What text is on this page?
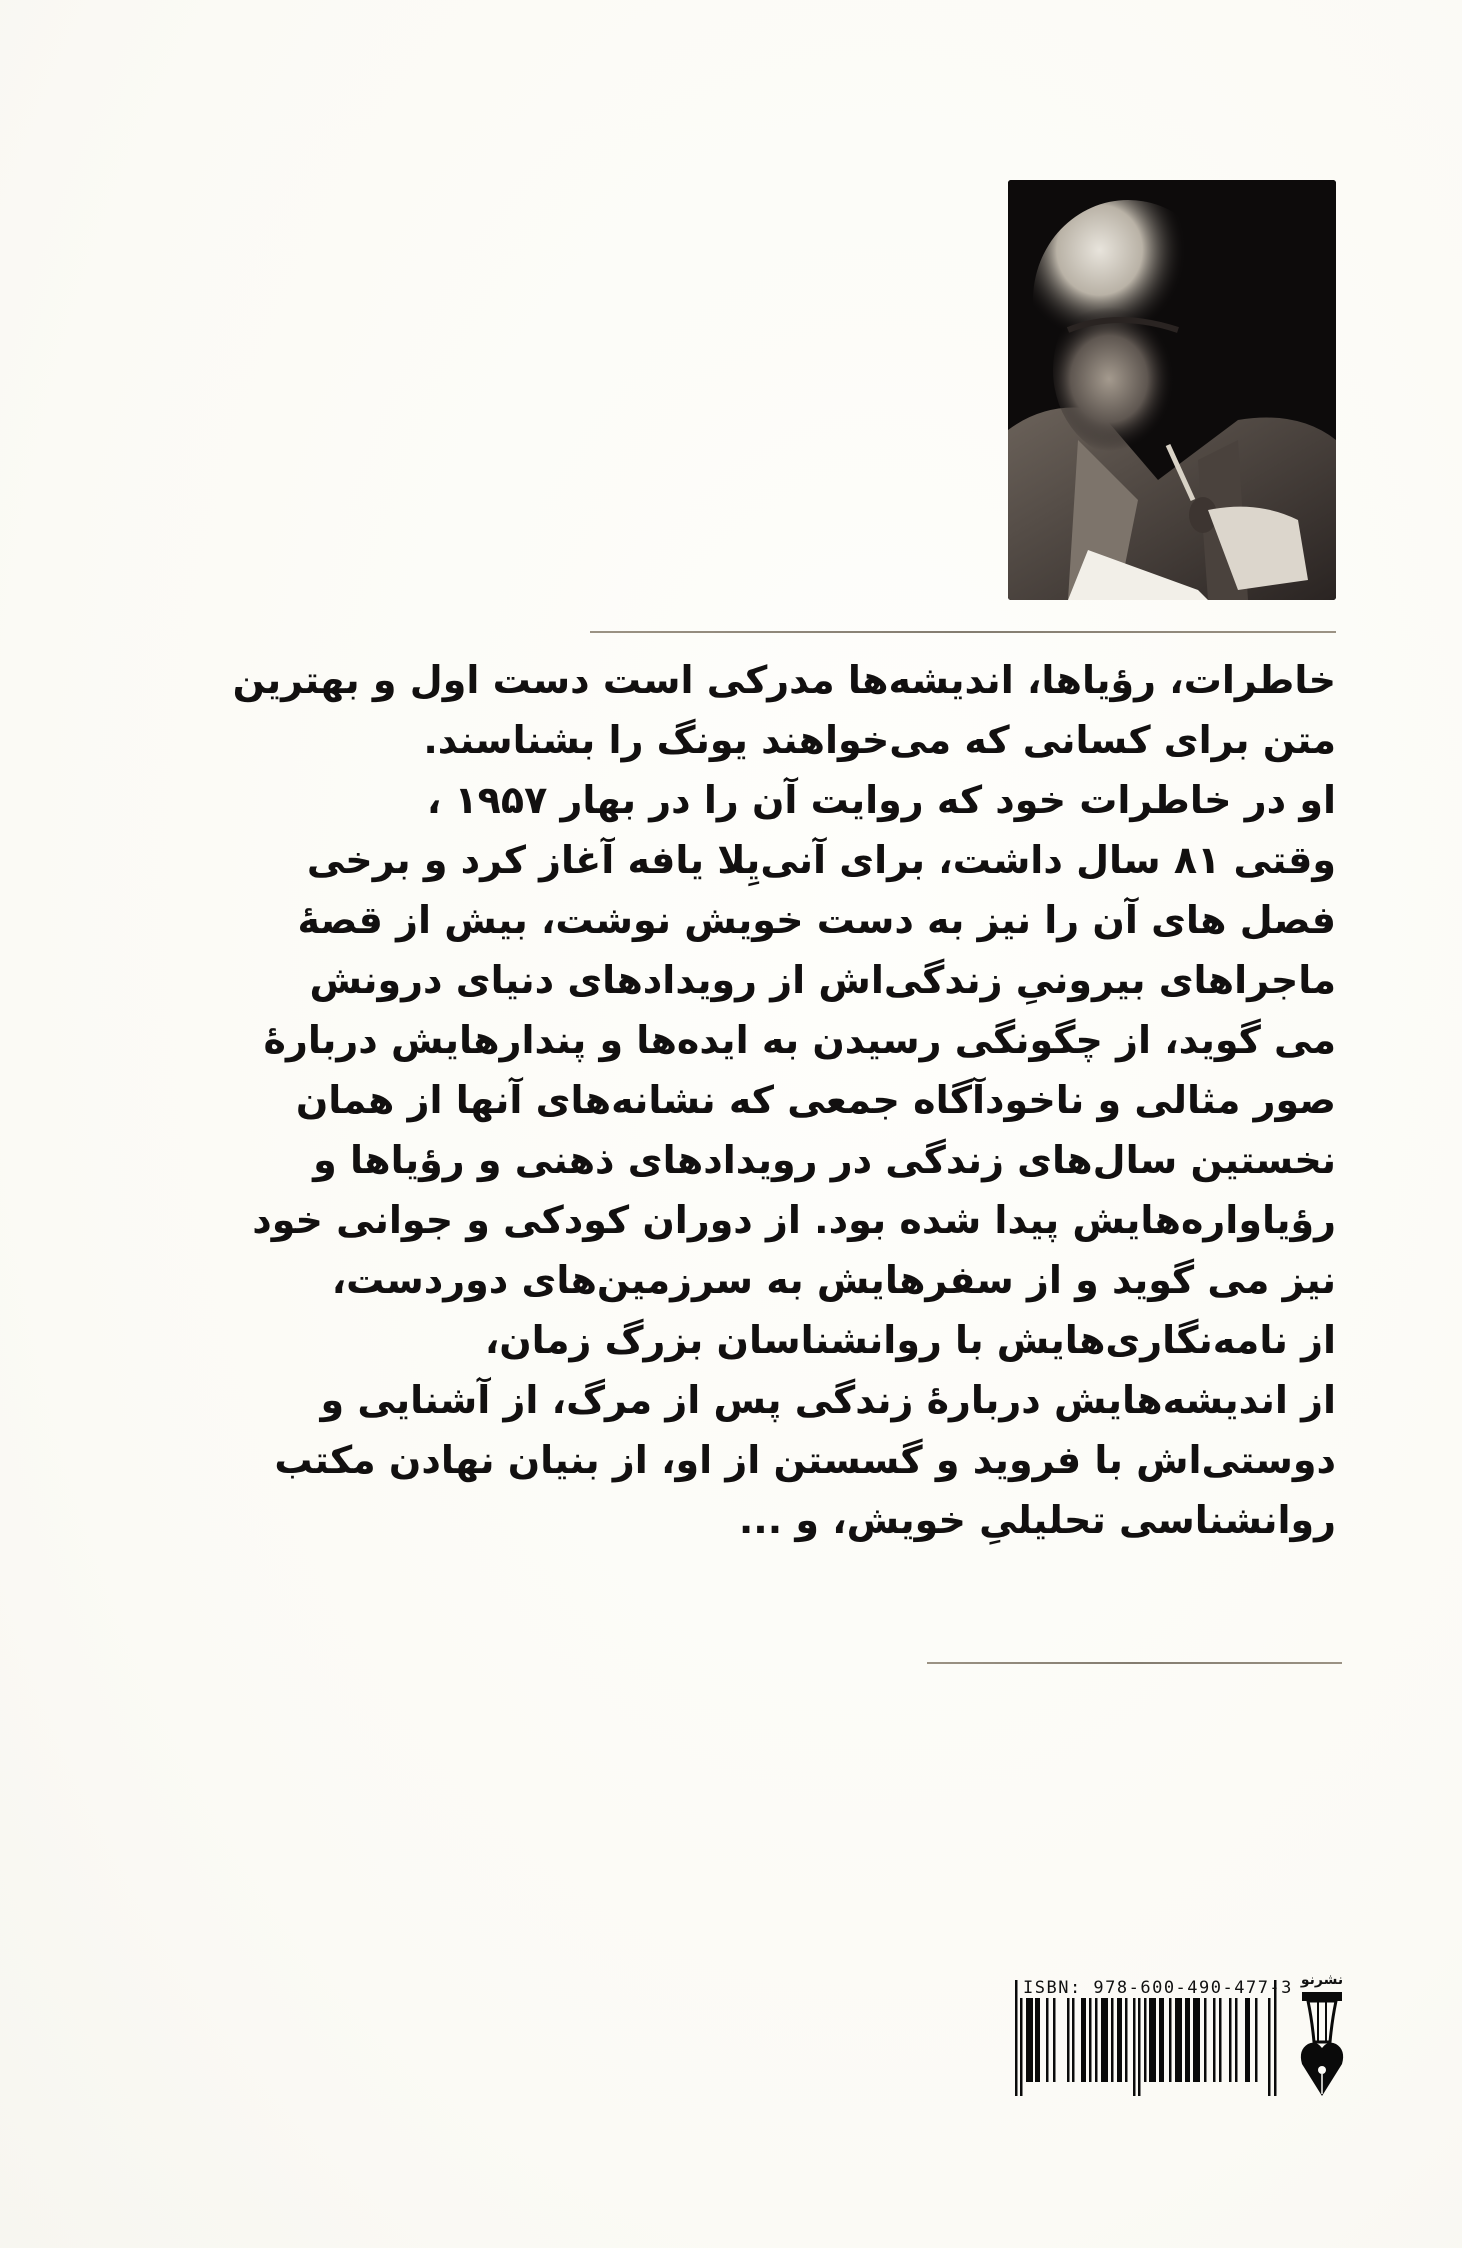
خاطرات، رؤیاها، اندیشه‌ها مدرکی است دست اول و بهترین
متن برای کسانی که می‌خواهند یونگ را بشناسند.
او در خاطرات خود که روایت آن را در بهار ۱۹۵۷ ،
وقتی ۸۱ سال داشت، برای آنی‌یِلا یافه آغاز کرد و برخی
فصل های آن را نیز به دست خویش نوشت، بیش از قصهٔ
ماجراهای بیرونیِ زندگی‌اش از رویدادهای دنیای درونش
می گوید، از چگونگی رسیدن به ایده‌ها و پندارهایش دربارهٔ
صور مثالی و ناخودآگاه جمعی که نشانه‌های آنها از همان
نخستین سال‌های زندگی در رویدادهای ذهنی و رؤیاها و
رؤیاواره‌هایش پیدا شده بود. از دوران کودکی و جوانی خود
نیز می گوید و از سفرهایش به سرزمین‌های دوردست،
از نامه‌نگاری‌هایش با روانشناسان بزرگ زمان،
از اندیشه‌هایش دربارهٔ زندگی پس از مرگ، از آشنایی و
دوستی‌اش با فروید و گسستن از او، از بنیان نهادن مکتب
روانشناسی تحلیلیِ خویش، و ...
ISBN: 978-600-490-477-3 نشرنو
